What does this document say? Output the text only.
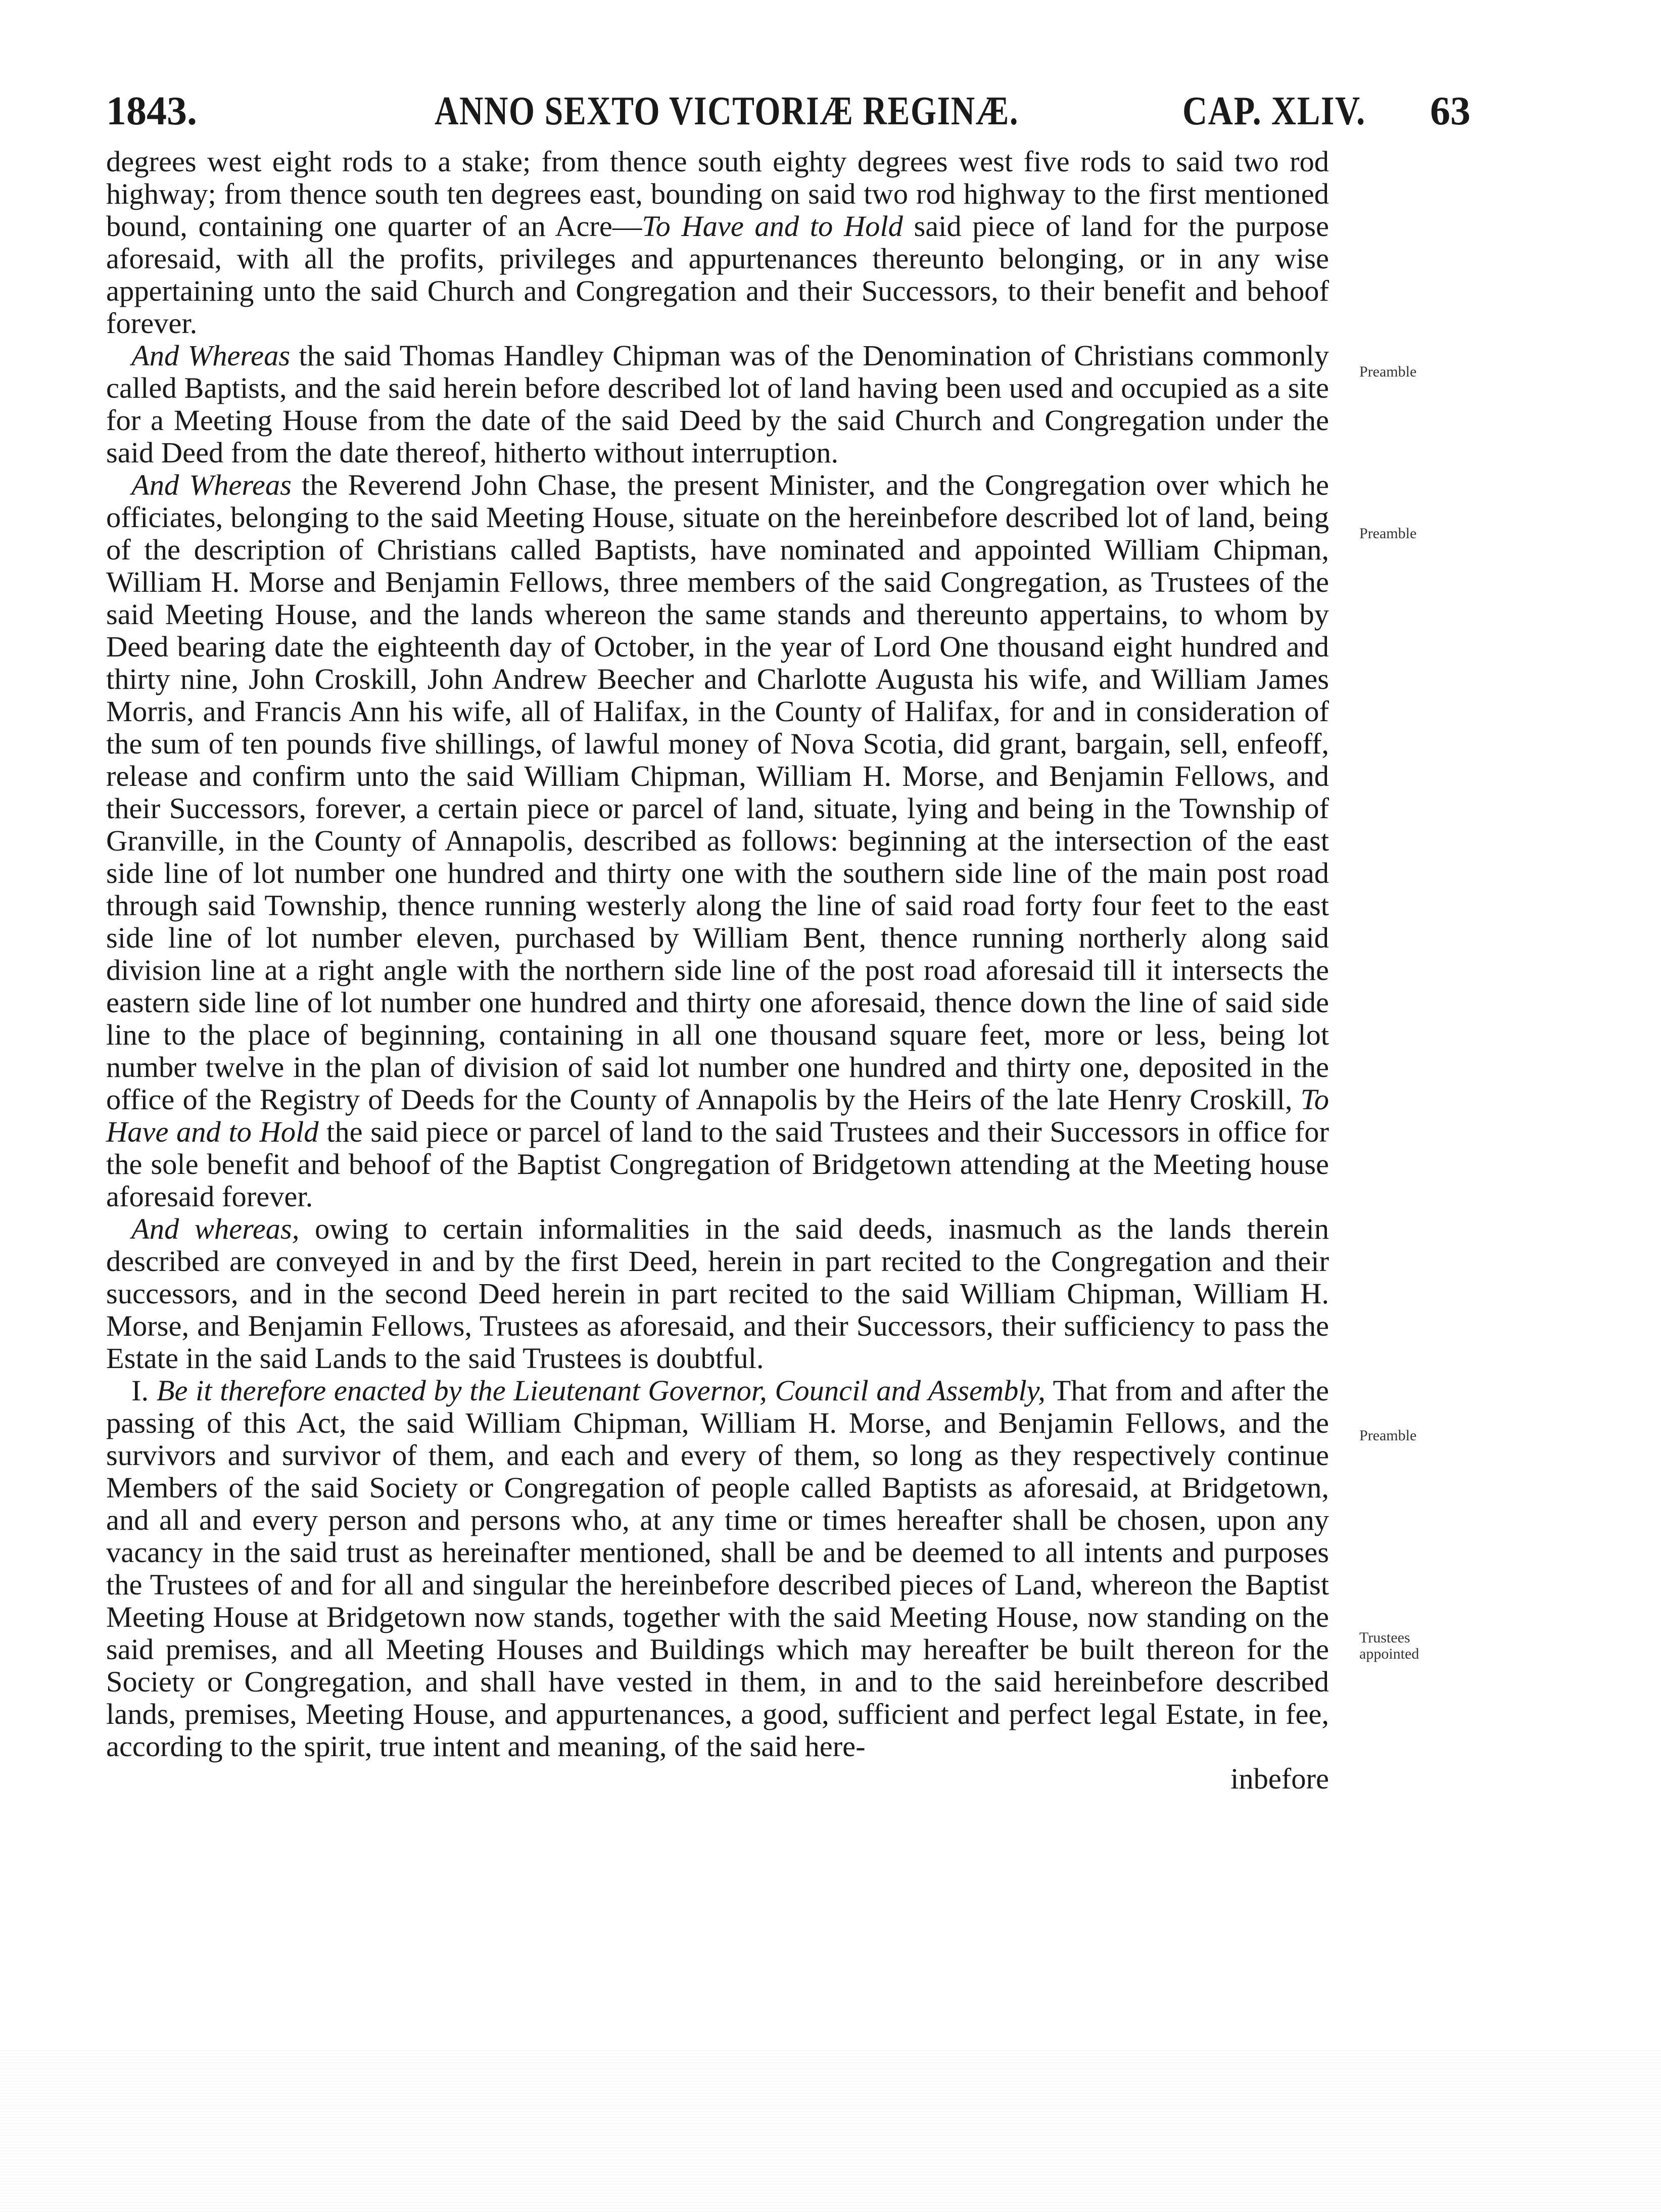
1843.	ANNO SEXTO VICTORIÆ REGINÆ.	CAP. XLIV. 63

degrees west eight rods to a stake; from thence south eighty degrees west five rods to said two rod highway; from thence south ten degrees east, bounding on said two rod highway to the first mentioned bound, containing one quarter of an Acre—To Have and to Hold said piece of land for the purpose aforesaid, with all the profits, privileges and appurtenances thereunto belonging, or in any wise appertaining unto the said Church and Congregation and their Successors, to their benefit and behoof forever.

And Whereas the said Thomas Handley Chipman was of the Denomination of Christians commonly called Baptists, and the said herein before described lot of land having been used and occupied as a site for a Meeting House from the date of the said Deed by the said Church and Congregation under the said Deed from the date thereof, hitherto without interruption.

And Whereas the Reverend John Chase, the present Minister, and the Congregation over which he officiates, belonging to the said Meeting House, situate on the hereinbefore described lot of land, being of the description of Christians called Baptists, have nominated and appointed William Chipman, William H. Morse and Benjamin Fellows, three members of the said Congregation, as Trustees of the said Meeting House, and the lands whereon the same stands and thereunto appertains, to whom by Deed bearing date the eighteenth day of October, in the year of Lord One thousand eight hundred and thirty nine, John Croskill, John Andrew Beecher and Charlotte Augusta his wife, and William James Morris, and Francis Ann his wife, all of Halifax, in the County of Halifax, for and in consideration of the sum of ten pounds five shillings, of lawful money of Nova Scotia, did grant, bargain, sell, enfeoff, release and confirm unto the said William Chipman, William H. Morse, and Benjamin Fellows, and their Successors, forever, a certain piece or parcel of land, situate, lying and being in the Township of Granville, in the County of Annapolis, described as follows: beginning at the intersection of the east side line of lot number one hundred and thirty one with the southern side line of the main post road through said Township, thence running westerly along the line of said road forty four feet to the east side line of lot number eleven, purchased by William Bent, thence running northerly along said division line at a right angle with the northern side line of the post road aforesaid till it intersects the eastern side line of lot number one hundred and thirty one aforesaid, thence down the line of said side line to the place of beginning, containing in all one thousand square feet, more or less, being lot number twelve in the plan of division of said lot number one hundred and thirty one, deposited in the office of the Registry of Deeds for the County of Annapolis by the Heirs of the late Henry Croskill, To Have and to Hold the said piece or parcel of land to the said Trustees and their Successors in office for the sole benefit and behoof of the Baptist Congregation of Bridgetown attending at the Meeting house aforesaid forever.

And whereas, owing to certain informalities in the said deeds, inasmuch as the lands therein described are conveyed in and by the first Deed, herein in part recited to the Congregation and their successors, and in the second Deed herein in part recited to the said William Chipman, William H. Morse, and Benjamin Fellows, Trustees as aforesaid, and their Successors, their sufficiency to pass the Estate in the said Lands to the said Trustees is doubtful.

I. Be it therefore enacted by the Lieutenant Governor, Council and Assembly, That from and after the passing of this Act, the said William Chipman, William H. Morse, and Benjamin Fellows, and the survivors and survivor of them, and each and every of them, so long as they respectively continue Members of the said Society or Congregation of people called Baptists as aforesaid, at Bridgetown, and all and every person and persons who, at any time or times hereafter shall be chosen, upon any vacancy in the said trust as hereinafter mentioned, shall be and be deemed to all intents and purposes the Trustees of and for all and singular the hereinbefore described pieces of Land, whereon the Baptist Meeting House at Bridgetown now stands, together with the said Meeting House, now standing on the said premises, and all Meeting Houses and Buildings which may hereafter be built thereon for the Society or Congregation, and shall have vested in them, in and to the said hereinbefore described lands, premises, Meeting House, and appurtenances, a good, sufficient and perfect legal Estate, in fee, according to the spirit, true intent and meaning, of the said here-

inbefore

Preamble
Preamble
Preamble
Trustees appointed
